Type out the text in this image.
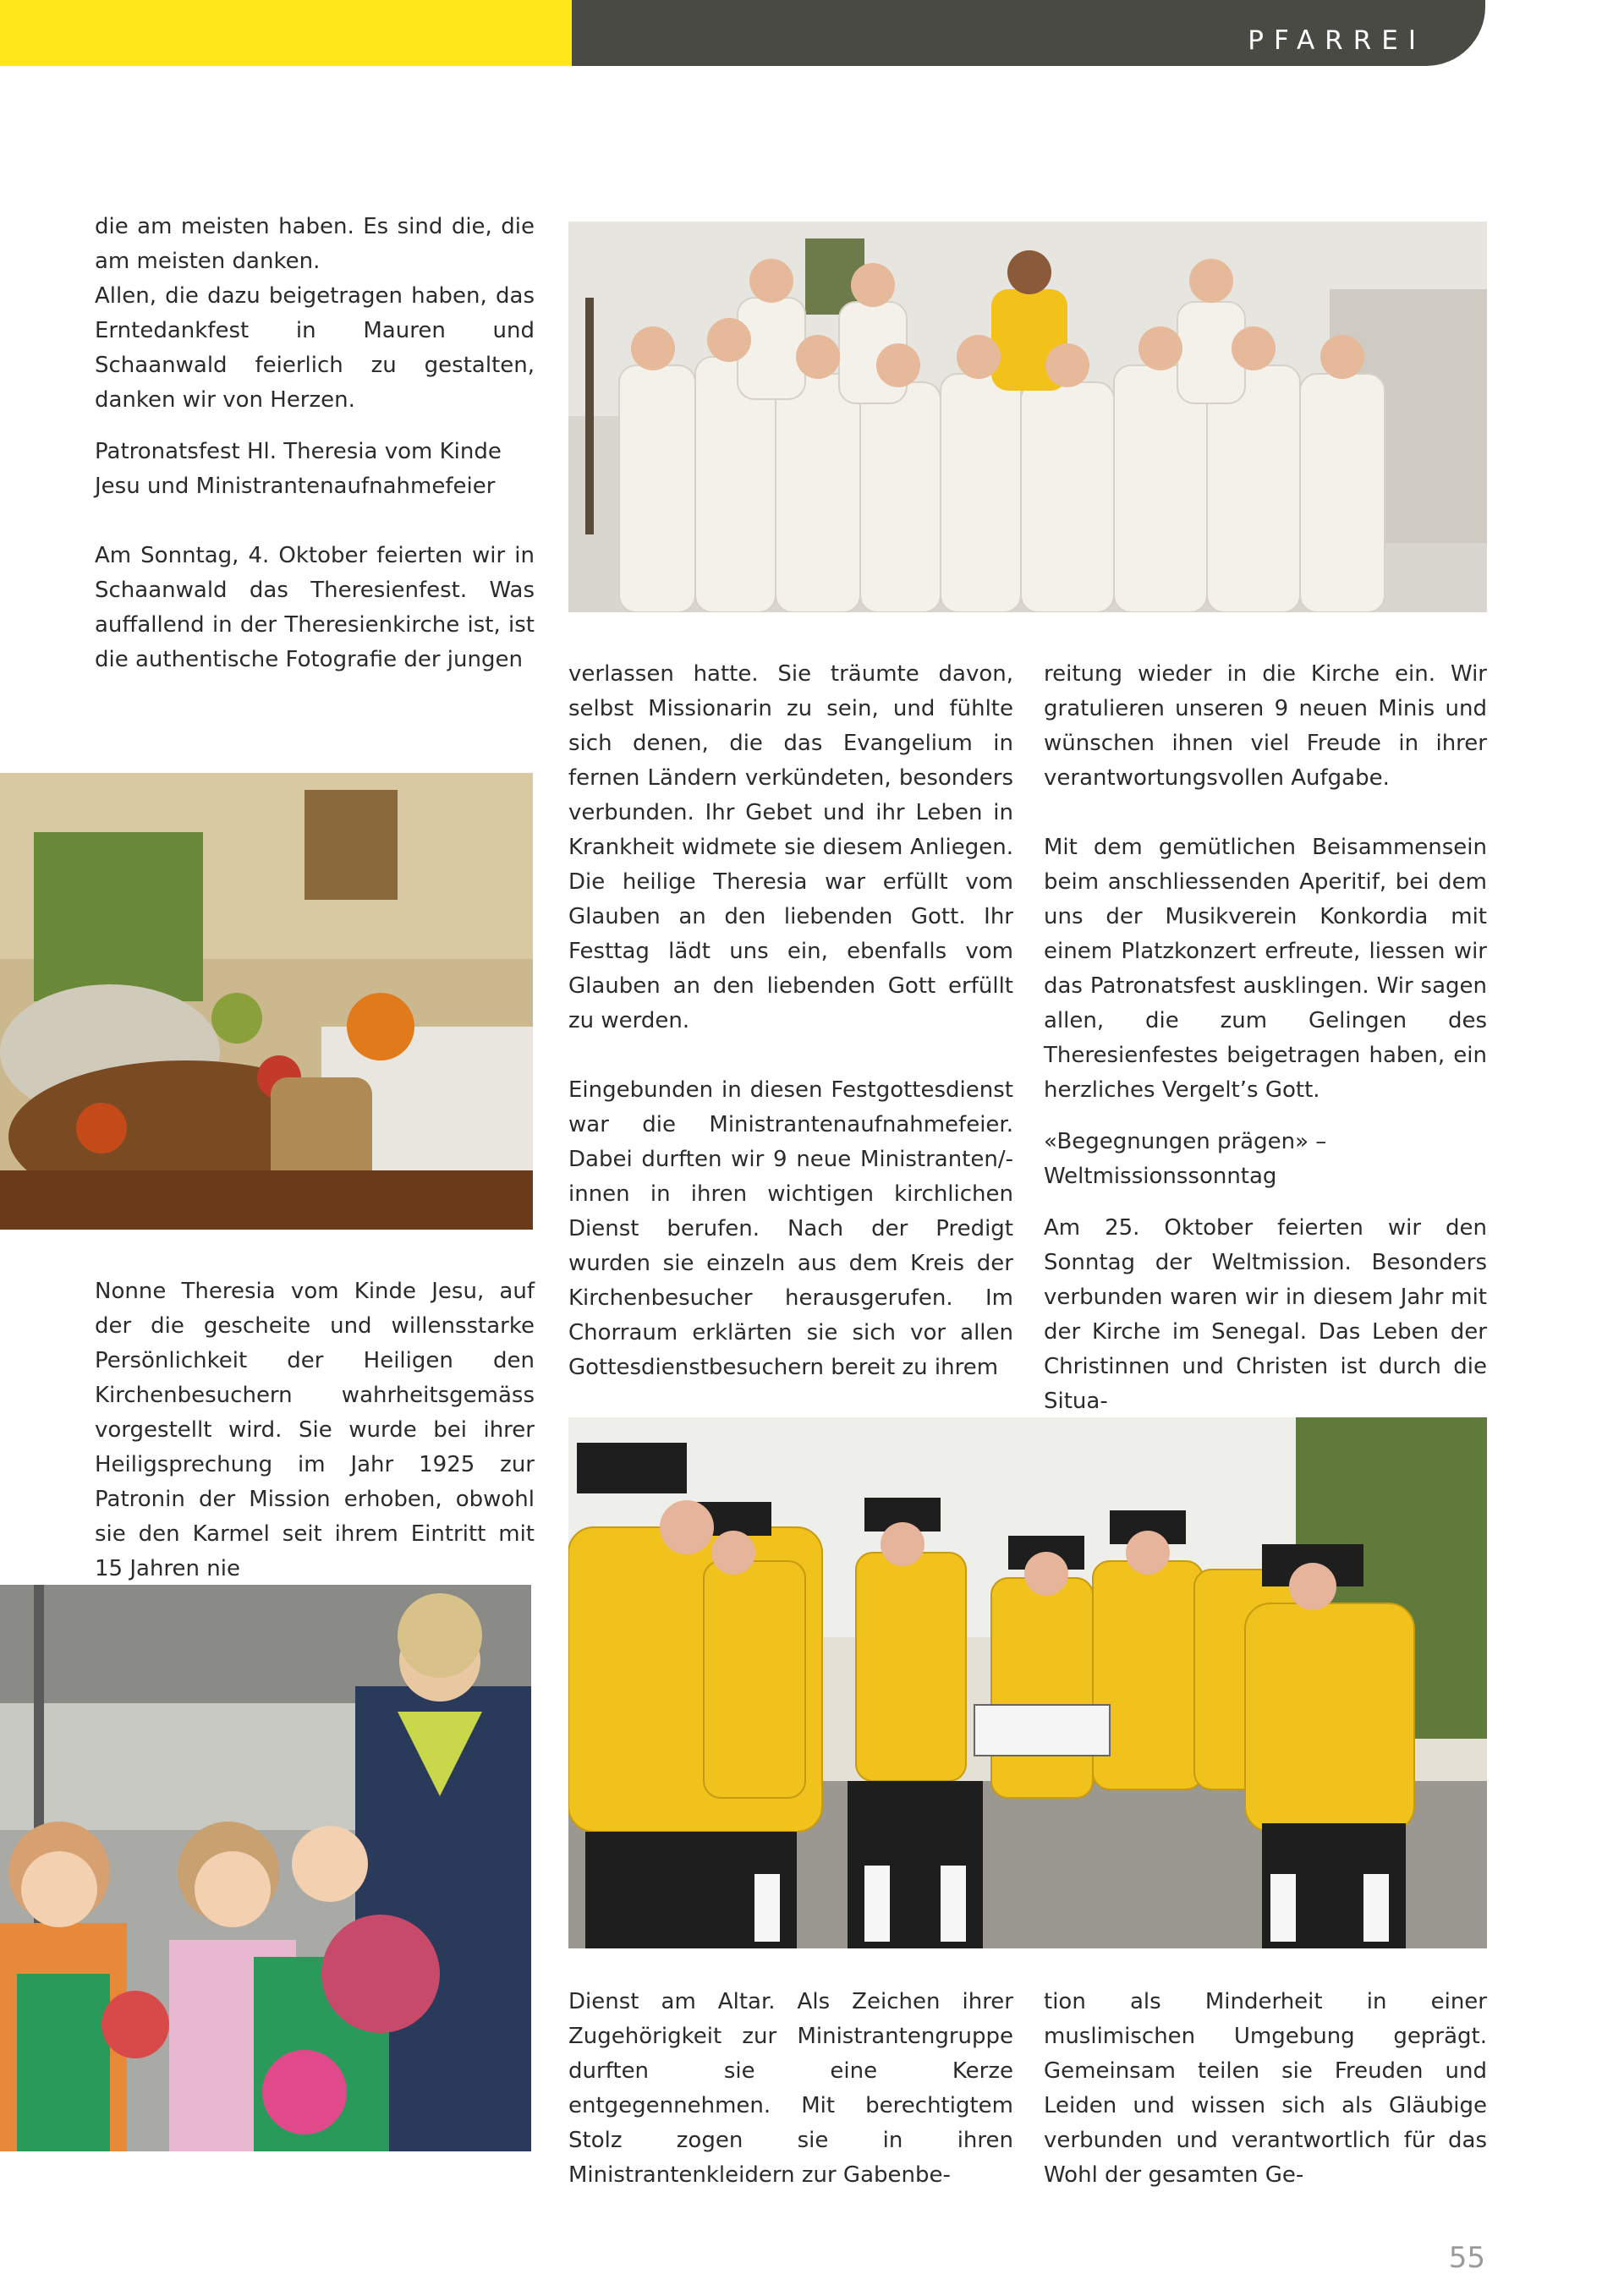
PFARREI

die am meisten haben. Es sind die, die am meisten danken.

Allen, die dazu beigetragen haben, das Erntedankfest in Mauren und Schaanwald feierlich zu gestalten, danken wir von Herzen.

Patronatsfest Hl. Theresia vom Kinde Jesu und Ministrantenaufnahmefeier

Am Sonntag, 4. Oktober feierten wir in Schaanwald das Theresienfest. Was auffallend in der Theresienkirche ist, ist die authentische Fotografie der jungen

Nonne Theresia vom Kinde Jesu, auf der die gescheite und willensstarke Persönlichkeit der Heiligen den Kirchenbesuchern wahrheitsgemäss vorgestellt wird. Sie wurde bei ihrer Heiligsprechung im Jahr 1925 zur Patronin der Mission erhoben, obwohl sie den Karmel seit ihrem Eintritt mit 15 Jahren nie

verlassen hatte. Sie träumte davon, selbst Missionarin zu sein, und fühlte sich denen, die das Evangelium in fernen Ländern verkündeten, besonders verbunden. Ihr Gebet und ihr Leben in Krankheit widmete sie diesem Anliegen. Die heilige Theresia war erfüllt vom Glauben an den liebenden Gott. Ihr Festtag lädt uns ein, ebenfalls vom Glauben an den liebenden Gott erfüllt zu werden.

Eingebunden in diesen Festgottesdienst war die Ministrantenaufnahmefeier. Dabei durften wir 9 neue Ministranten/-innen in ihren wichtigen kirchlichen Dienst berufen. Nach der Predigt wurden sie einzeln aus dem Kreis der Kirchenbesucher herausgerufen. Im Chorraum erklärten sie sich vor allen Gottesdienstbesuchern bereit zu ihrem

Dienst am Altar. Als Zeichen ihrer Zugehörigkeit zur Ministrantengruppe durften sie eine Kerze entgegennehmen. Mit berechtigtem Stolz zogen sie in ihren Ministrantenkleidern zur Gabenbe-

reitung wieder in die Kirche ein. Wir gratulieren unseren 9 neuen Minis und wünschen ihnen viel Freude in ihrer verantwortungsvollen Aufgabe.

Mit dem gemütlichen Beisammensein beim anschliessenden Aperitif, bei dem uns der Musikverein Konkordia mit einem Platzkonzert erfreute, liessen wir das Patronatsfest ausklingen. Wir sagen allen, die zum Gelingen des Theresienfestes beigetragen haben, ein herzliches Vergelt’s Gott.

«Begegnungen prägen» – Weltmissionssonntag

Am 25. Oktober feierten wir den Sonntag der Weltmission. Besonders verbunden waren wir in diesem Jahr mit der Kirche im Senegal. Das Leben der Christinnen und Christen ist durch die Situa-

tion als Minderheit in einer muslimischen Umgebung geprägt. Gemeinsam teilen sie Freuden und Leiden und wissen sich als Gläubige verbunden und verantwortlich für das Wohl der gesamten Ge-

55
